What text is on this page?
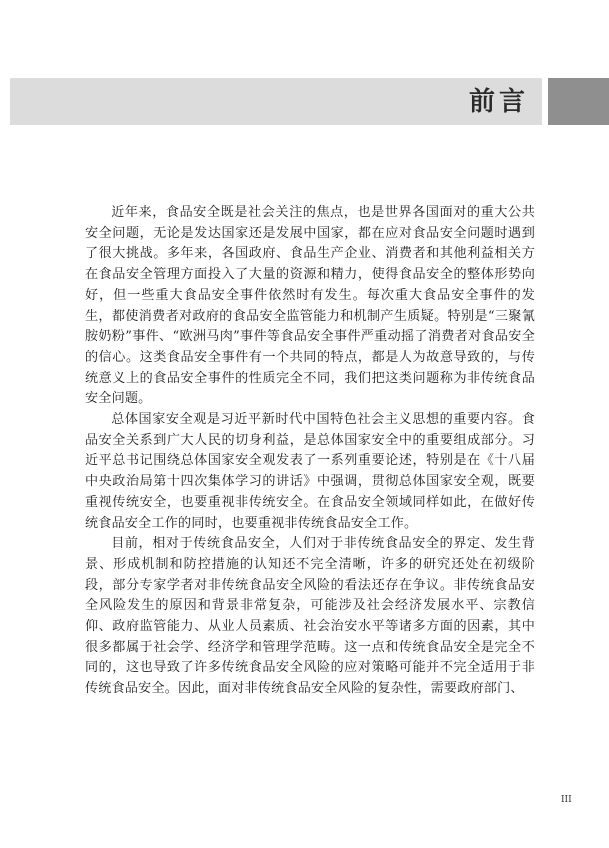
前言

近年来，食品安全既是社会关注的焦点，也是世界各国面对的重大公共安全问题，无论是发达国家还是发展中国家，都在应对食品安全问题时遇到了很大挑战。多年来，各国政府、食品生产企业、消费者和其他利益相关方在食品安全管理方面投入了大量的资源和精力，使得食品安全的整体形势向好，但一些重大食品安全事件依然时有发生。每次重大食品安全事件的发生，都使消费者对政府的食品安全监管能力和机制产生质疑。特别是“三聚氰胺奶粉”事件、“欧洲马肉”事件等食品安全事件严重动摇了消费者对食品安全的信心。这类食品安全事件有一个共同的特点，都是人为故意导致的，与传统意义上的食品安全事件的性质完全不同，我们把这类问题称为非传统食品安全问题。

总体国家安全观是习近平新时代中国特色社会主义思想的重要内容。食品安全关系到广大人民的切身利益，是总体国家安全中的重要组成部分。习近平总书记围绕总体国家安全观发表了一系列重要论述，特别是在《十八届中央政治局第十四次集体学习的讲话》中强调，贯彻总体国家安全观，既要重视传统安全，也要重视非传统安全。在食品安全领域同样如此，在做好传统食品安全工作的同时，也要重视非传统食品安全工作。

目前，相对于传统食品安全，人们对于非传统食品安全的界定、发生背景、形成机制和防控措施的认知还不完全清晰，许多的研究还处在初级阶段，部分专家学者对非传统食品安全风险的看法还存在争议。非传统食品安全风险发生的原因和背景非常复杂，可能涉及社会经济发展水平、宗教信仰、政府监管能力、从业人员素质、社会治安水平等诸多方面的因素，其中很多都属于社会学、经济学和管理学范畴。这一点和传统食品安全是完全不同的，这也导致了许多传统食品安全风险的应对策略可能并不完全适用于非传统食品安全。因此，面对非传统食品安全风险的复杂性，需要政府部门、

III
